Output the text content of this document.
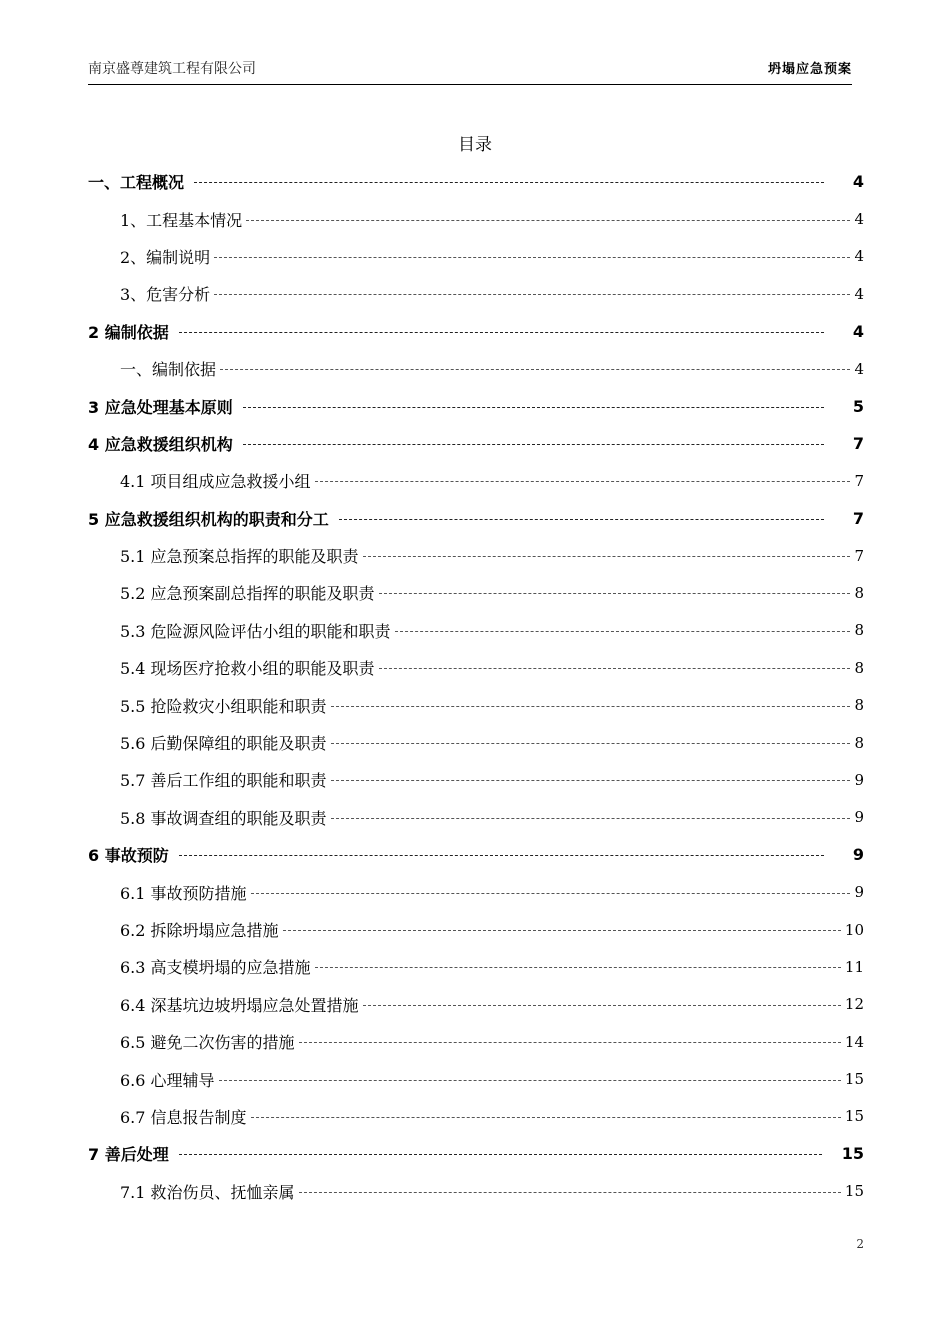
南京盛尊建筑工程有限公司	坍塌应急预案
目录
一、工程概况	4
1、工程基本情况	4
2、编制说明	4
3、危害分析	4
2 编制依据	4
一、编制依据	4
3 应急处理基本原则	5
4 应急救援组织机构	7
4.1 项目组成应急救援小组	7
5 应急救援组织机构的职责和分工	7
5.1 应急预案总指挥的职能及职责	7
5.2 应急预案副总指挥的职能及职责	8
5.3 危险源风险评估小组的职能和职责	8
5.4 现场医疗抢救小组的职能及职责	8
5.5 抢险救灾小组职能和职责	8
5.6 后勤保障组的职能及职责	8
5.7 善后工作组的职能和职责	9
5.8 事故调查组的职能及职责	9
6 事故预防	9
6.1 事故预防措施	9
6.2 拆除坍塌应急措施	10
6.3 高支模坍塌的应急措施	11
6.4 深基坑边坡坍塌应急处置措施	12
6.5 避免二次伤害的措施	14
6.6 心理辅导	15
6.7 信息报告制度	15
7 善后处理	15
7.1 救治伤员、抚恤亲属	15
2
